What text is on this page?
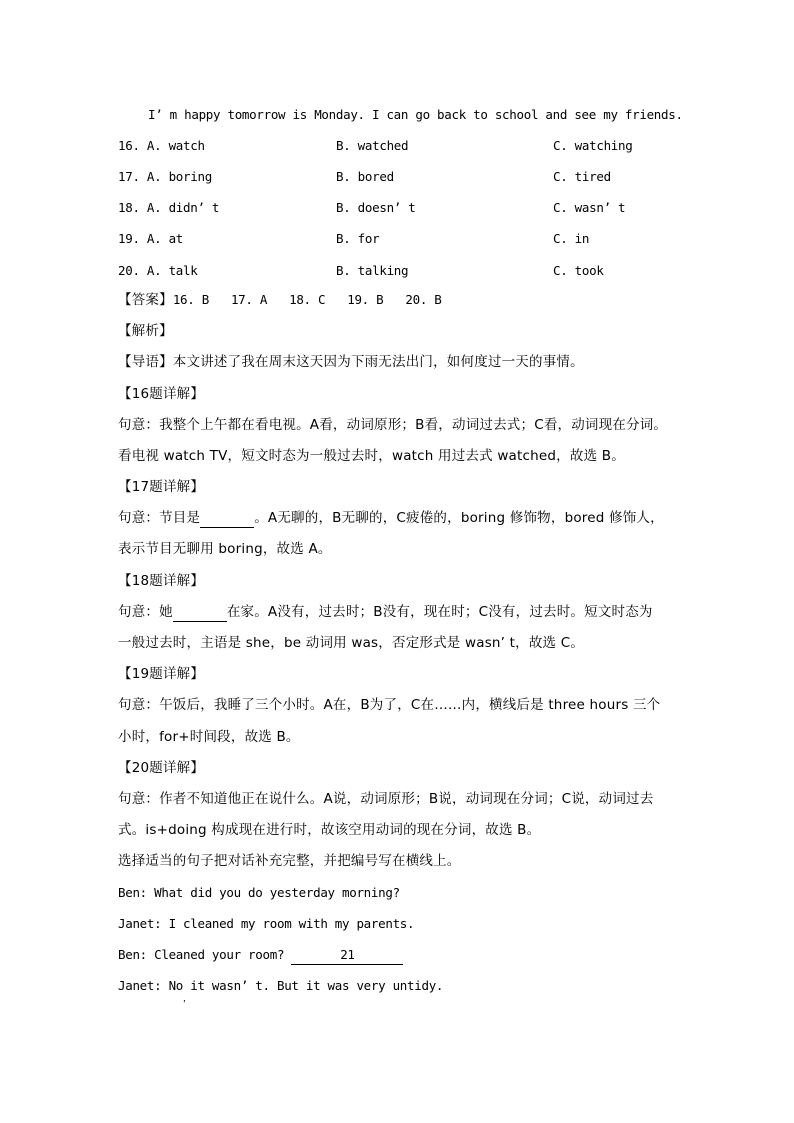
I’ m happy tomorrow is Monday. I can go back to school and see my friends.
16. A. watch	B. watched	C. watching
17. A. boring	B. bored	C. tired
18. A. didn’ t	B. doesn’ t	C. wasn’ t
19. A. at	B. for	C. in
20. A. talk	B. talking	C. took
【答案】16. B 17. A 18. C 19. B 20. B
【解析】
【导语】本文讲述了我在周末这天因为下雨无法出门，如何度过一天的事情。
【16题详解】
句意：我整个上午都在看电视。A看，动词原形；B看，动词过去式；C看，动词现在分词。
看电视 watch TV，短文时态为一般过去时，watch 用过去式 watched，故选 B。
【17题详解】
句意：节目是	。A无聊的，B无聊的，C疲倦的，boring 修饰物，bored 修饰人，
表示节目无聊用 boring，故选 A。
【18题详解】
句意：她	在家。A没有，过去时；B没有，现在时；C没有，过去时。短文时态为
一般过去时，主语是 she，be 动词用 was，否定形式是 wasn’ t，故选 C。
【19题详解】
句意：午饭后，我睡了三个小时。A在，B为了，C在……内，横线后是 three hours 三个
小时，for+时间段，故选 B。
【20题详解】
句意：作者不知道他正在说什么。A说，动词原形；B说，动词现在分词；C说，动词过去
式。is+doing 构成现在进行时，故该空用动词的现在分词，故选 B。
选择适当的句子把对话补充完整，并把编号写在横线上。
Ben: What did you do yesterday morning?
Janet: I cleaned my room with my parents.
Ben: Cleaned your room?	21
Janet: No it wasn’ t. But it was very untidy.
，
